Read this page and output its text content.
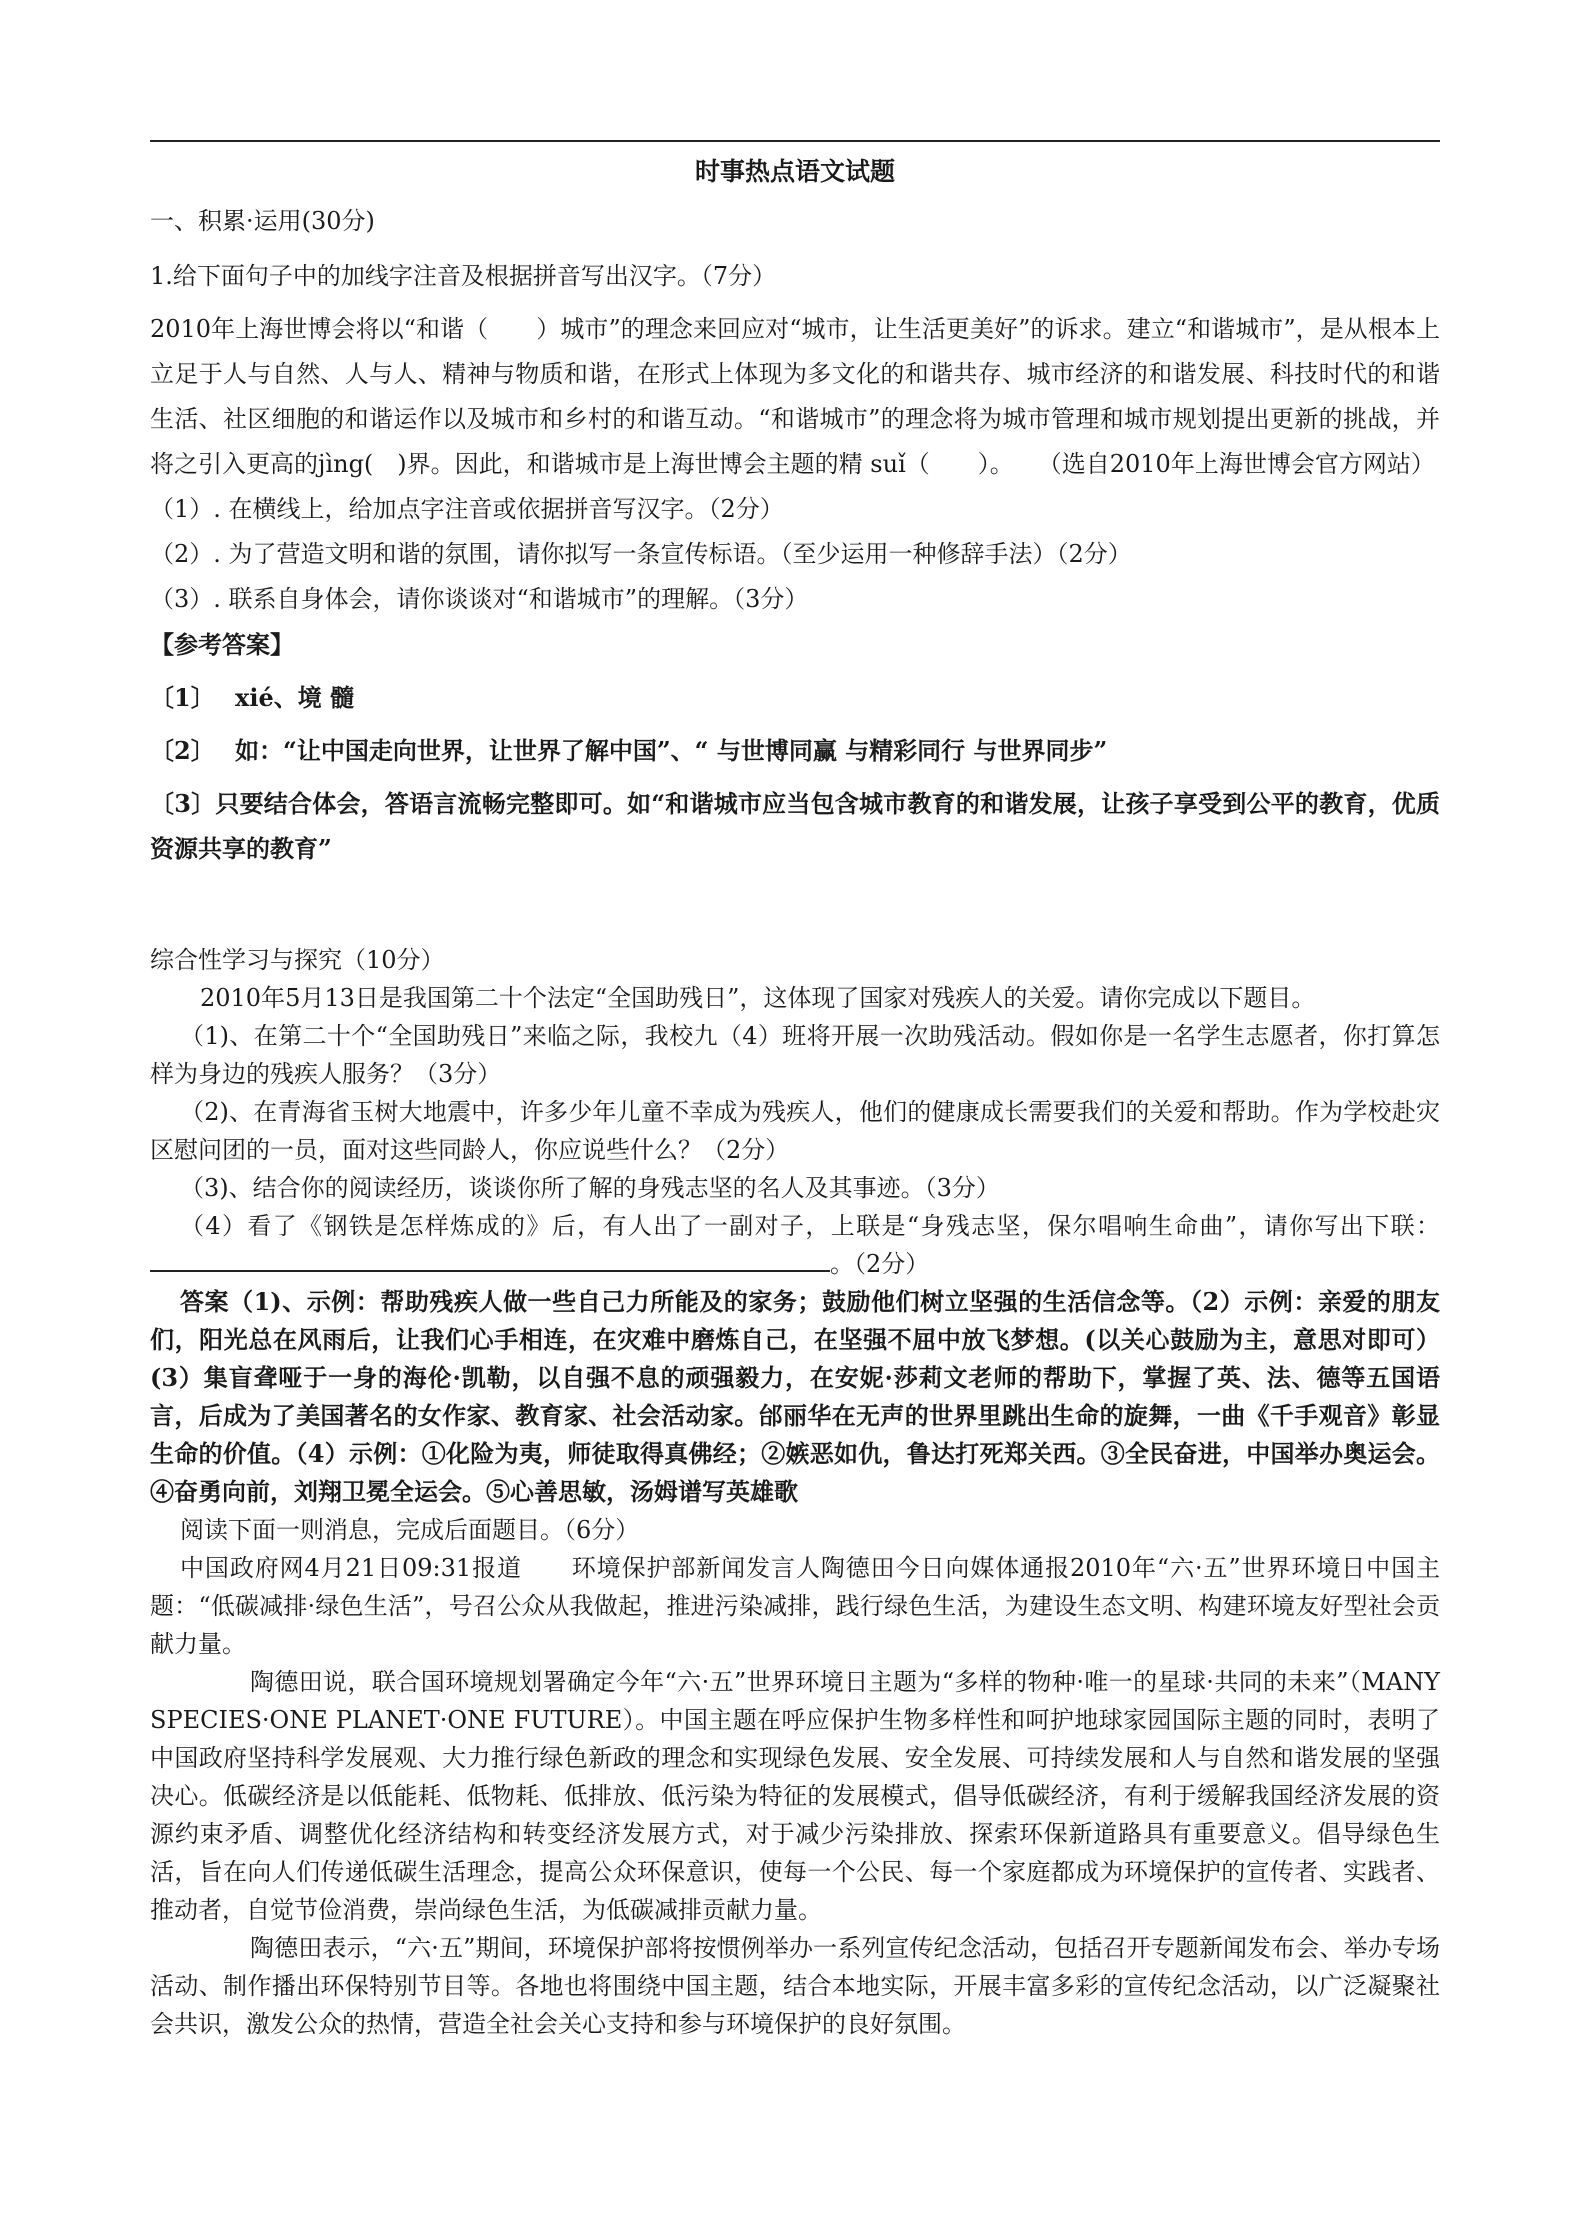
时事热点语文试题

一、积累·运用(30分)

1.给下面句子中的加线字注音及根据拼音写出汉字。（7分）

2010年上海世博会将以“和谐（　　）城市”的理念来回应对“城市，让生活更美好”的诉求。建立“和谐城市”，是从根本上立足于人与自然、人与人、精神与物质和谐，在形式上体现为多文化的和谐共存、城市经济的和谐发展、科技时代的和谐生活、社区细胞的和谐运作以及城市和乡村的和谐互动。“和谐城市”的理念将为城市管理和城市规划提出更新的挑战，并将之引入更高的jìng(　)界。因此，和谐城市是上海世博会主题的精 suǐ（　　）。　　（选自2010年上海世博会官方网站）

（1）. 在横线上，给加点字注音或依据拼音写汉字。（2分）

（2）. 为了营造文明和谐的氛围，请你拟写一条宣传标语。（至少运用一种修辞手法）（2分）

（3）. 联系自身体会，请你谈谈对“和谐城市”的理解。（3分）

【参考答案】

〔1〕　 xié、境 髓

〔2〕　 如：“让中国走向世界，让世界了解中国”、“ 与世博同赢 与精彩同行 与世界同步”

〔3〕只要结合体会，答语言流畅完整即可。如“和谐城市应当包含城市教育的和谐发展，让孩子享受到公平的教育，优质资源共享的教育”

综合性学习与探究（10分）

2010年5月13日是我国第二十个法定“全国助残日”，这体现了国家对残疾人的关爱。请你完成以下题目。

（1)、在第二十个“全国助残日”来临之际，我校九（4）班将开展一次助残活动。假如你是一名学生志愿者，你打算怎样为身边的残疾人服务？（3分）

（2)、在青海省玉树大地震中，许多少年儿童不幸成为残疾人，他们的健康成长需要我们的关爱和帮助。作为学校赴灾区慰问团的一员，面对这些同龄人，你应说些什么？（2分）

（3)、结合你的阅读经历，谈谈你所了解的身残志坚的名人及其事迹。（3分）

（4）看了《钢铁是怎样炼成的》后，有人出了一副对子，上联是“身残志坚，保尔唱响生命曲”，请你写出下联：。（2分）

答案（1)、示例：帮助残疾人做一些自己力所能及的家务；鼓励他们树立坚强的生活信念等。（2）示例：亲爱的朋友们，阳光总在风雨后，让我们心手相连，在灾难中磨炼自己，在坚强不屈中放飞梦想。(以关心鼓励为主，意思对即可）(3）集盲聋哑于一身的海伦·凯勒，以自强不息的顽强毅力，在安妮·莎莉文老师的帮助下，掌握了英、法、德等五国语言，后成为了美国著名的女作家、教育家、社会活动家。邰丽华在无声的世界里跳出生命的旋舞，一曲《千手观音》彰显生命的价值。（4）示例：①化险为夷，师徒取得真佛经；②嫉恶如仇，鲁达打死郑关西。③全民奋进，中国举办奥运会。④奋勇向前，刘翔卫冕全运会。⑤心善思敏，汤姆谱写英雄歌

阅读下面一则消息，完成后面题目。（6分）

中国政府网4月21日09:31报道　　环境保护部新闻发言人陶德田今日向媒体通报2010年“六·五”世界环境日中国主题：“低碳减排·绿色生活”，号召公众从我做起，推进污染减排，践行绿色生活，为建设生态文明、构建环境友好型社会贡献力量。

陶德田说，联合国环境规划署确定今年“六·五”世界环境日主题为“多样的物种·唯一的星球·共同的未来”（MANY SPECIES·ONE PLANET·ONE FUTURE）。中国主题在呼应保护生物多样性和呵护地球家园国际主题的同时，表明了中国政府坚持科学发展观、大力推行绿色新政的理念和实现绿色发展、安全发展、可持续发展和人与自然和谐发展的坚强决心。低碳经济是以低能耗、低物耗、低排放、低污染为特征的发展模式，倡导低碳经济，有利于缓解我国经济发展的资源约束矛盾、调整优化经济结构和转变经济发展方式，对于减少污染排放、探索环保新道路具有重要意义。倡导绿色生活，旨在向人们传递低碳生活理念，提高公众环保意识，使每一个公民、每一个家庭都成为环境保护的宣传者、实践者、推动者，自觉节俭消费，崇尚绿色生活，为低碳减排贡献力量。

陶德田表示，“六·五”期间，环境保护部将按惯例举办一系列宣传纪念活动，包括召开专题新闻发布会、举办专场活动、制作播出环保特别节目等。各地也将围绕中国主题，结合本地实际，开展丰富多彩的宣传纪念活动，以广泛凝聚社会共识，激发公众的热情，营造全社会关心支持和参与环境保护的良好氛围。
